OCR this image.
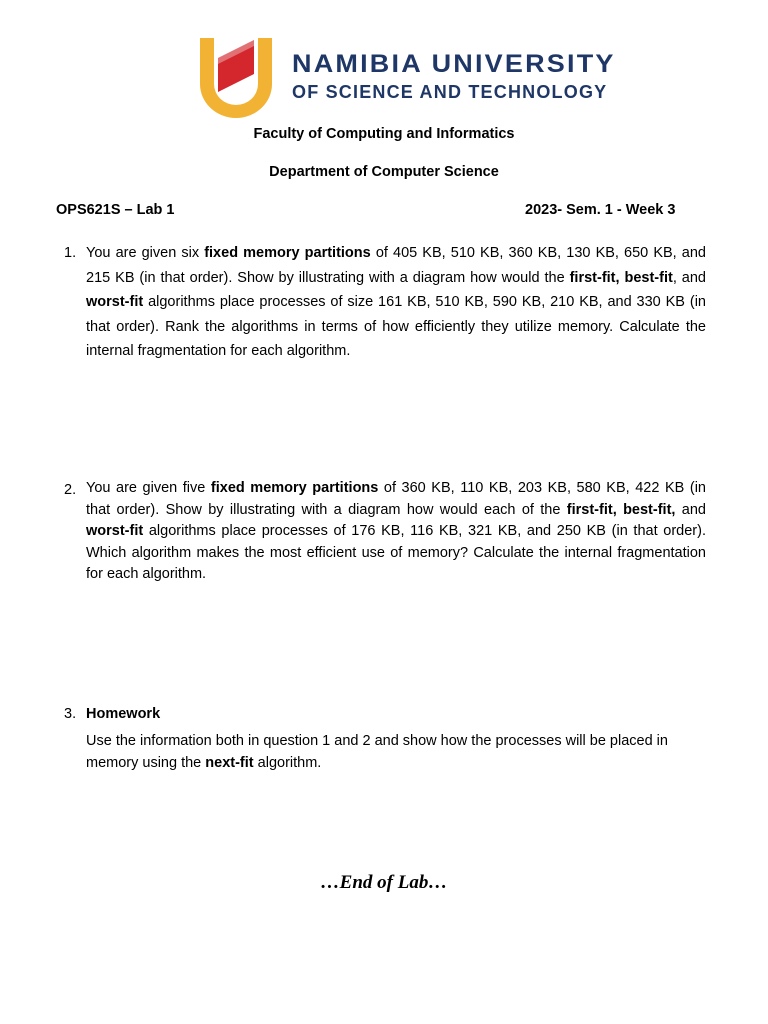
NAMIBIA UNIVERSITY
OF SCIENCE AND TECHNOLOGY
Faculty of Computing and Informatics
Department of Computer Science
OPS621S – Lab 1	2023- Sem. 1 - Week 3
1. You are given six fixed memory partitions of 405 KB, 510 KB, 360 KB, 130 KB, 650 KB, and 215 KB (in that order). Show by illustrating with a diagram how would the first-fit, best-fit, and worst-fit algorithms place processes of size 161 KB, 510 KB, 590 KB, 210 KB, and 330 KB (in that order). Rank the algorithms in terms of how efficiently they utilize memory. Calculate the internal fragmentation for each algorithm.
2. You are given five fixed memory partitions of 360 KB, 110 KB, 203 KB, 580 KB, 422 KB (in that order). Show by illustrating with a diagram how would each of the first-fit, best-fit, and worst-fit algorithms place processes of 176 KB, 116 KB, 321 KB, and 250 KB (in that order). Which algorithm makes the most efficient use of memory? Calculate the internal fragmentation for each algorithm.
3. Homework
Use the information both in question 1 and 2 and show how the processes will be placed in memory using the next-fit algorithm.
…End of Lab…
